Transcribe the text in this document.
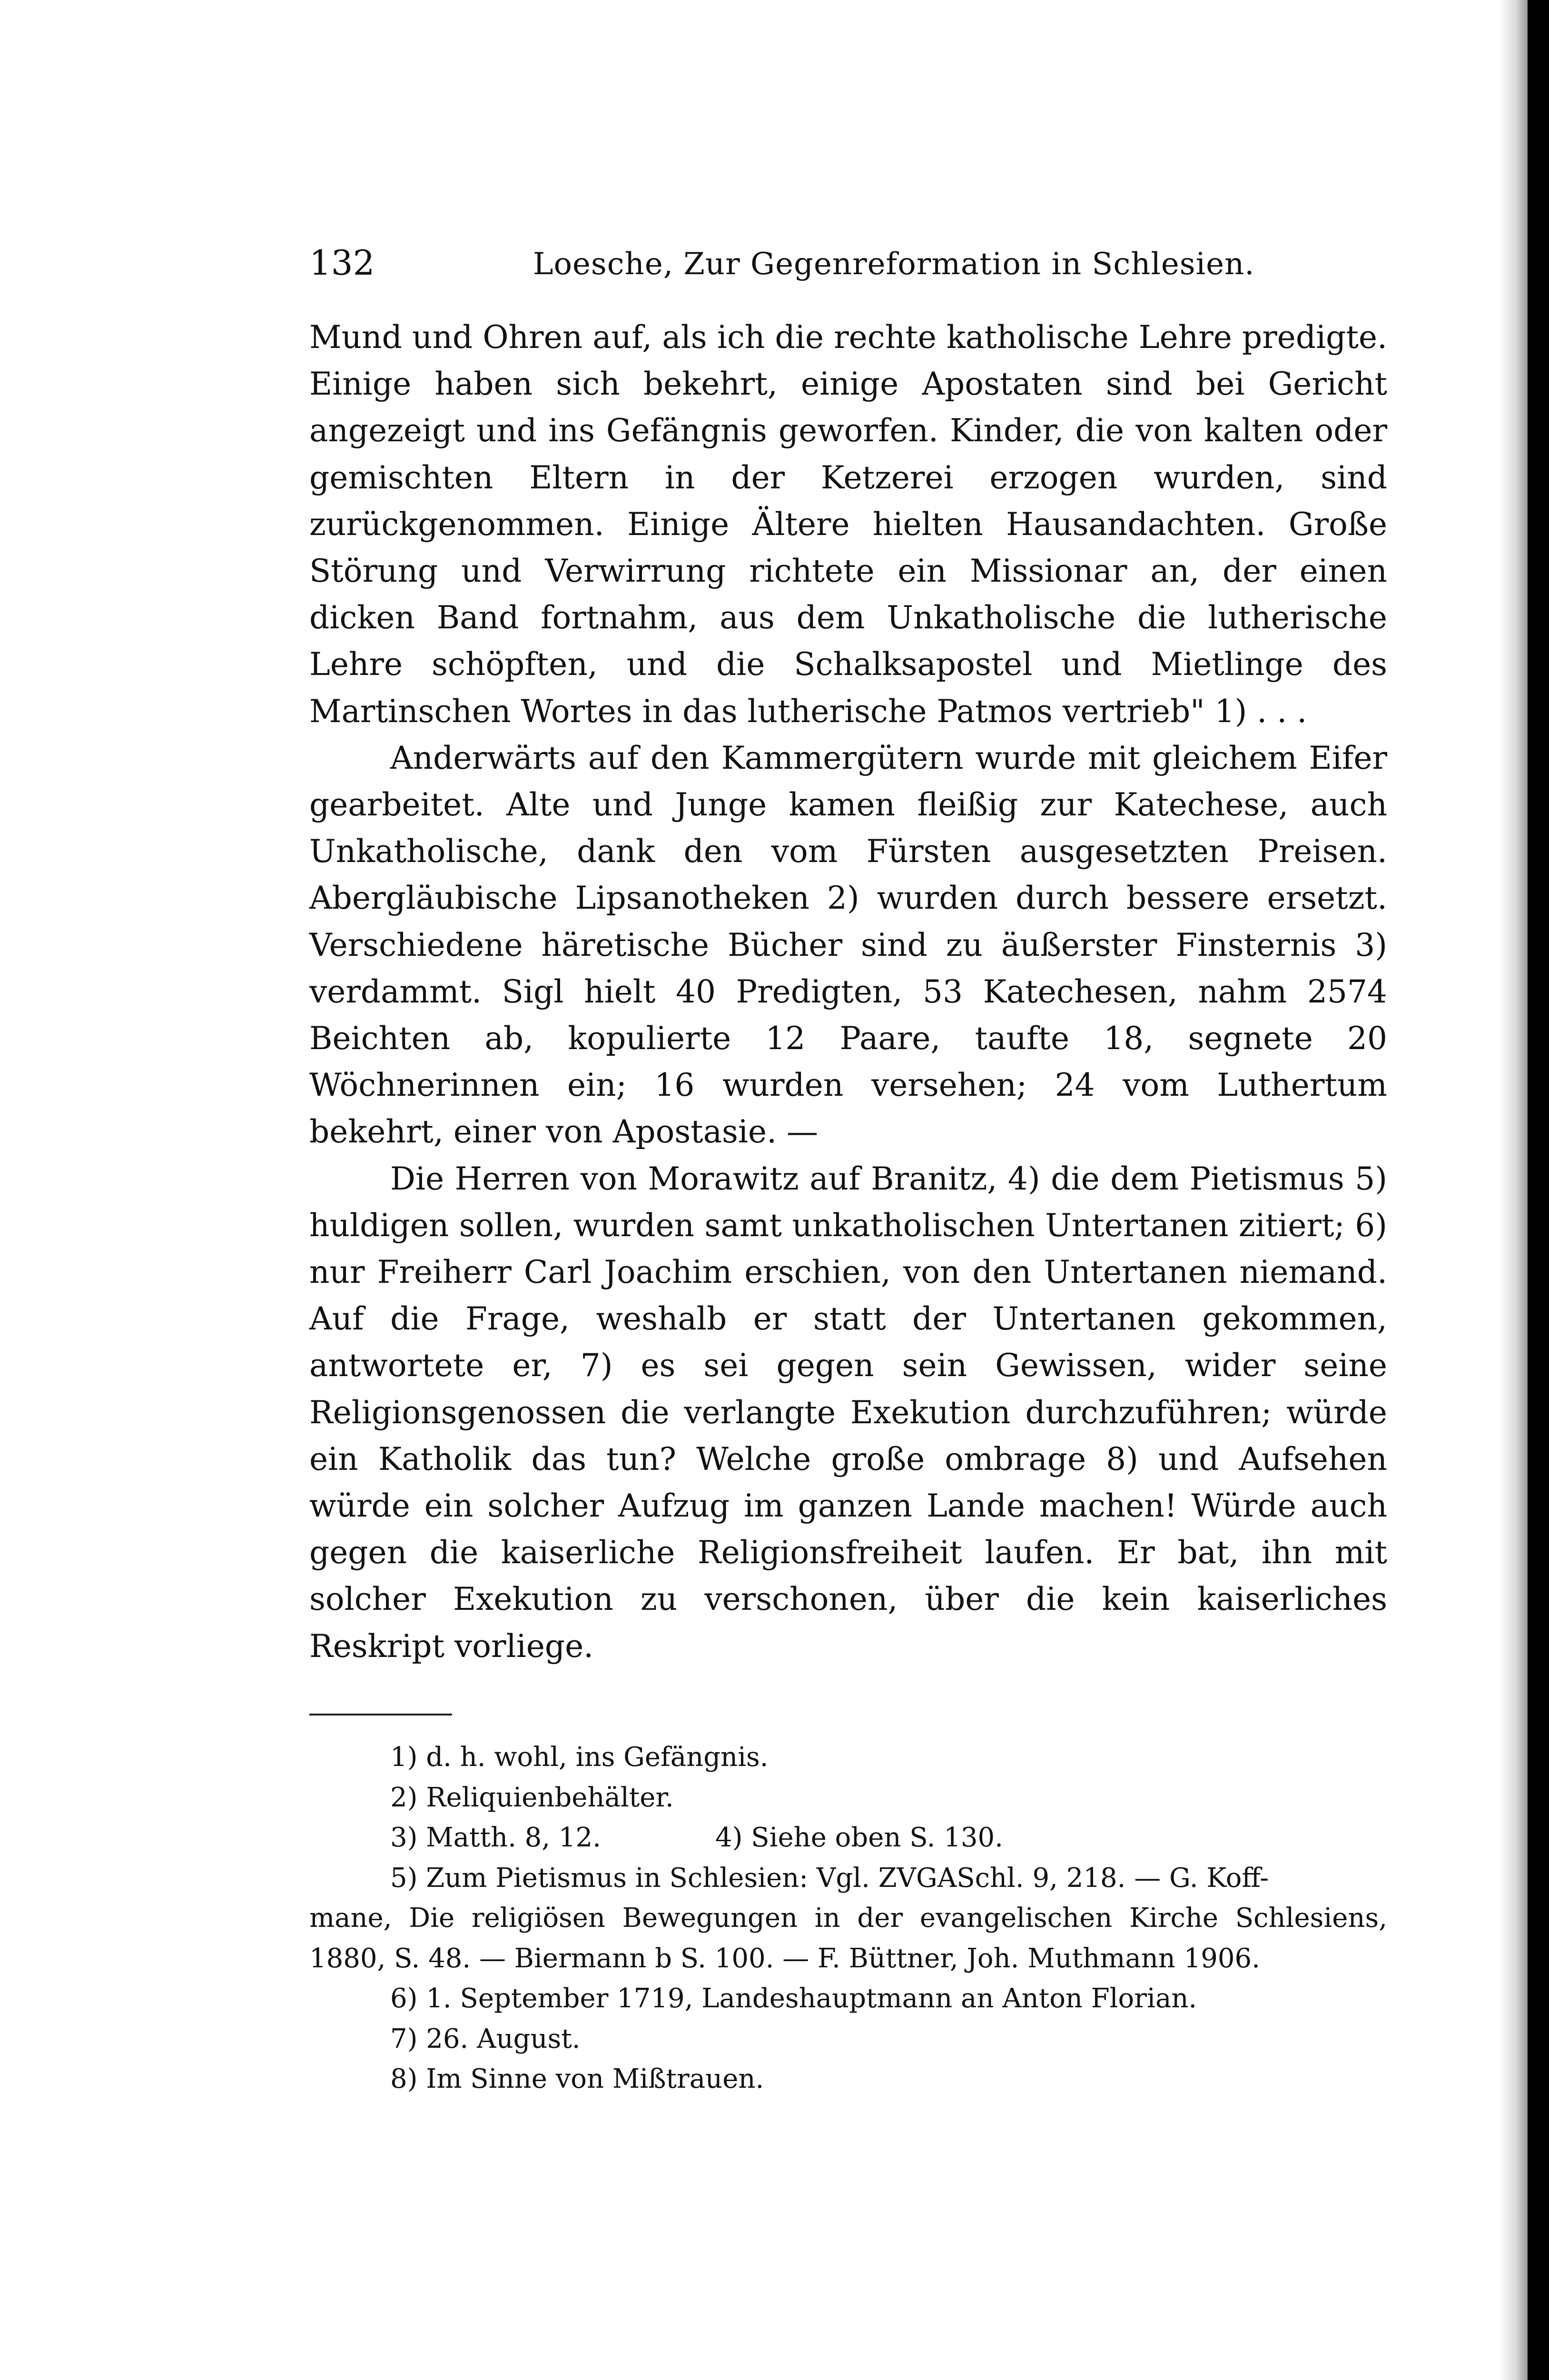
132	Loesche, Zur Gegenreformation in Schlesien.

Mund und Ohren auf, als ich die rechte katholische Lehre predigte. Einige haben sich bekehrt, einige Apostaten sind bei Gericht angezeigt und ins Gefängnis geworfen. Kinder, die von kalten oder gemischten Eltern in der Ketzerei erzogen wurden, sind zurückgenommen. Einige Ältere hielten Hausandachten. Große Störung und Verwirrung richtete ein Missionar an, der einen dicken Band fortnahm, aus dem Unkatholische die lutherische Lehre schöpften, und die Schalksapostel und Mietlinge des Martinschen Wortes in das lutherische Patmos vertrieb" 1) . . .

Anderwärts auf den Kammergütern wurde mit gleichem Eifer gearbeitet. Alte und Junge kamen fleißig zur Katechese, auch Unkatholische, dank den vom Fürsten ausgesetzten Preisen. Abergläubische Lipsanotheken 2) wurden durch bessere ersetzt. Verschiedene häretische Bücher sind zu äußerster Finsternis 3) verdammt. Sigl hielt 40 Predigten, 53 Katechesen, nahm 2574 Beichten ab, kopulierte 12 Paare, taufte 18, segnete 20 Wöchnerinnen ein; 16 wurden versehen; 24 vom Luthertum bekehrt, einer von Apostasie. —

Die Herren von Morawitz auf Branitz, 4) die dem Pietismus 5) huldigen sollen, wurden samt unkatholischen Untertanen zitiert; 6) nur Freiherr Carl Joachim erschien, von den Untertanen niemand. Auf die Frage, weshalb er statt der Untertanen gekommen, antwortete er, 7) es sei gegen sein Gewissen, wider seine Religionsgenossen die verlangte Exekution durchzuführen; würde ein Katholik das tun? Welche große ombrage 8) und Aufsehen würde ein solcher Aufzug im ganzen Lande machen! Würde auch gegen die kaiserliche Religionsfreiheit laufen. Er bat, ihn mit solcher Exekution zu verschonen, über die kein kaiserliches Reskript vorliege.

1) d. h. wohl, ins Gefängnis.

2) Reliquienbehälter.

3) Matth. 8, 12.	4) Siehe oben S. 130.

5) Zum Pietismus in Schlesien: Vgl. ZVGASchl. 9, 218. — G. Koff-
mane, Die religiösen Bewegungen in der evangelischen Kirche Schlesiens, 1880, S. 48. — Biermann b S. 100. — F. Büttner, Joh. Muthmann 1906.

6) 1. September 1719, Landeshauptmann an Anton Florian.

7) 26. August.

8) Im Sinne von Mißtrauen.
